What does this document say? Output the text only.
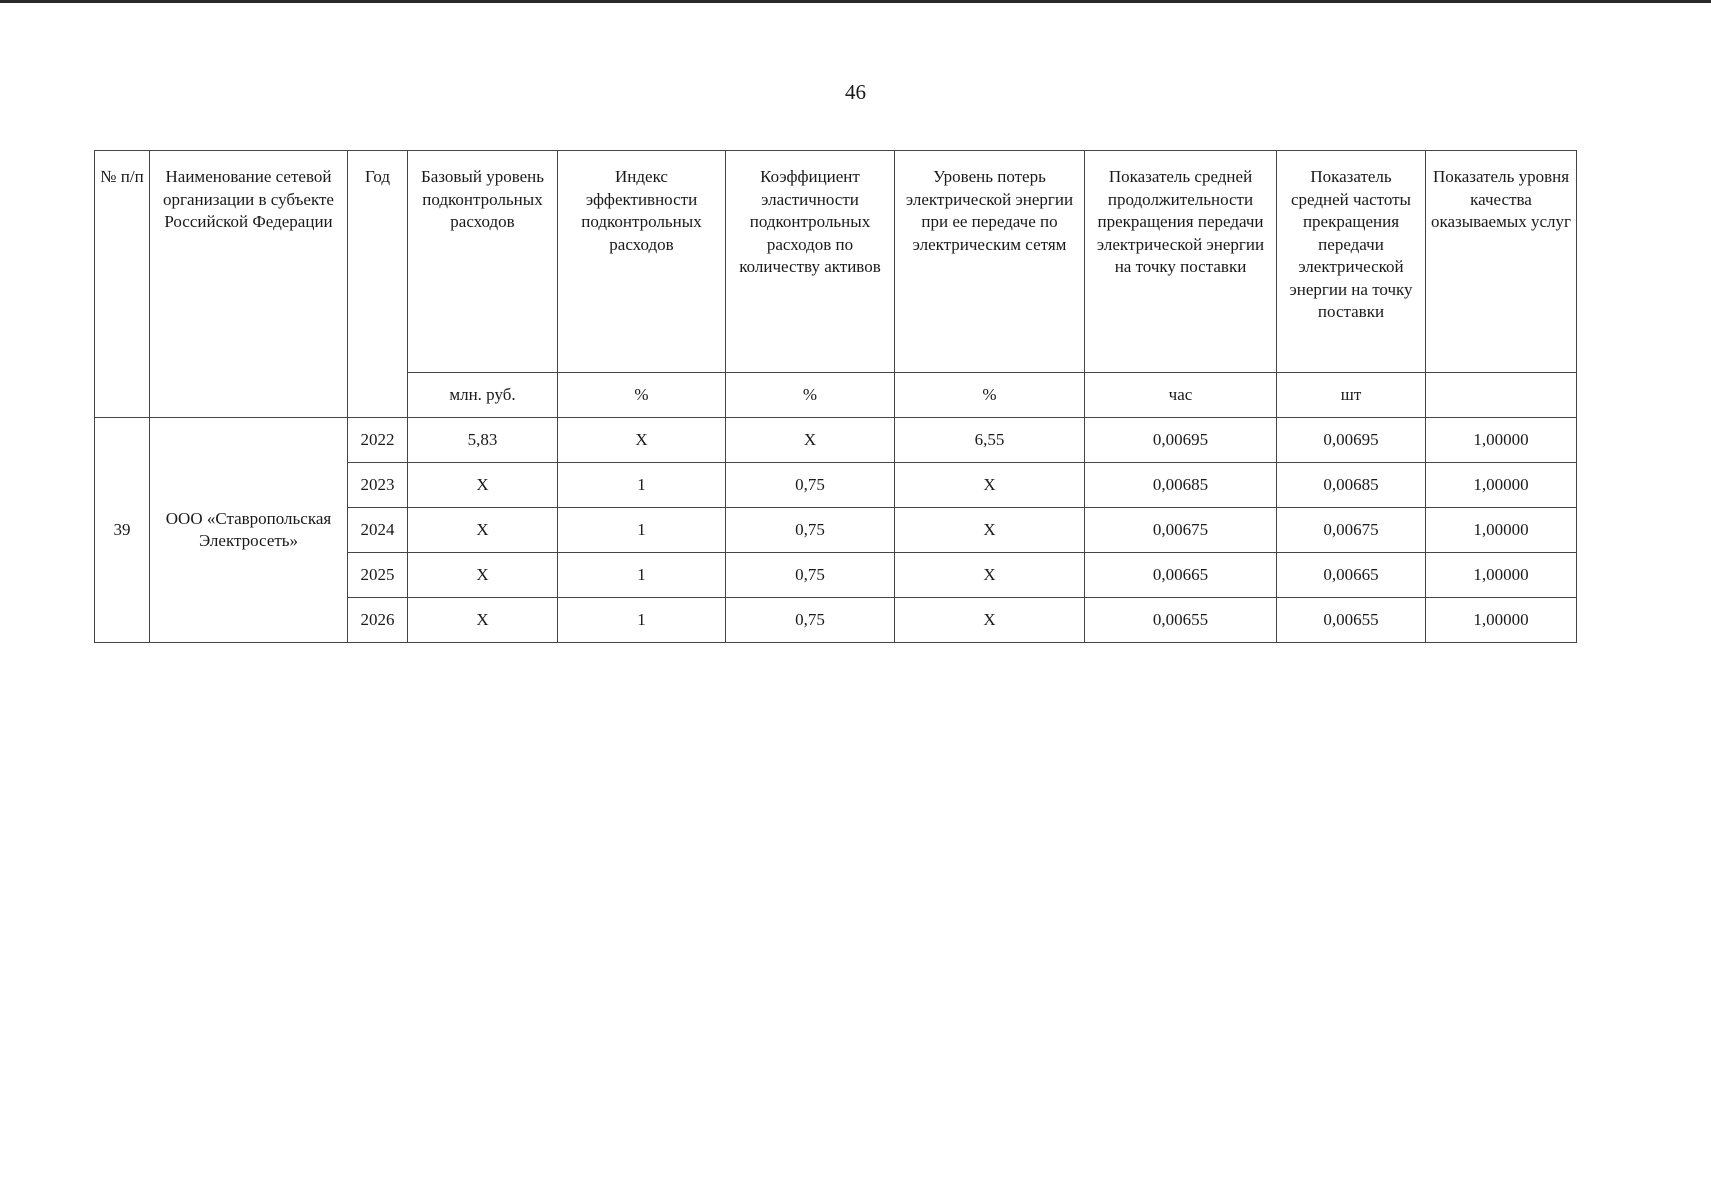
46
№ п/п	Наименование сетевой организации в субъекте Российской Федерации	Год	Базовый уровень подконтрольных расходов	Индекс эффективности подконтрольных расходов	Коэффициент эластичности подконтрольных расходов по количеству активов	Уровень потерь электрической энергии при ее передаче по электрическим сетям	Показатель средней продолжительности прекращения передачи электрической энергии на точку поставки	Показатель средней частоты прекращения передачи электрической энергии на точку поставки	Показатель уровня качества оказываемых услуг
			млн. руб.	%	%	%	час	шт	
39	ООО «Ставропольская Электросеть»	2022	5,83	X	X	6,55	0,00695	0,00695	1,00000
		2023	X	1	0,75	X	0,00685	0,00685	1,00000
		2024	X	1	0,75	X	0,00675	0,00675	1,00000
		2025	X	1	0,75	X	0,00665	0,00665	1,00000
		2026	X	1	0,75	X	0,00655	0,00655	1,00000
